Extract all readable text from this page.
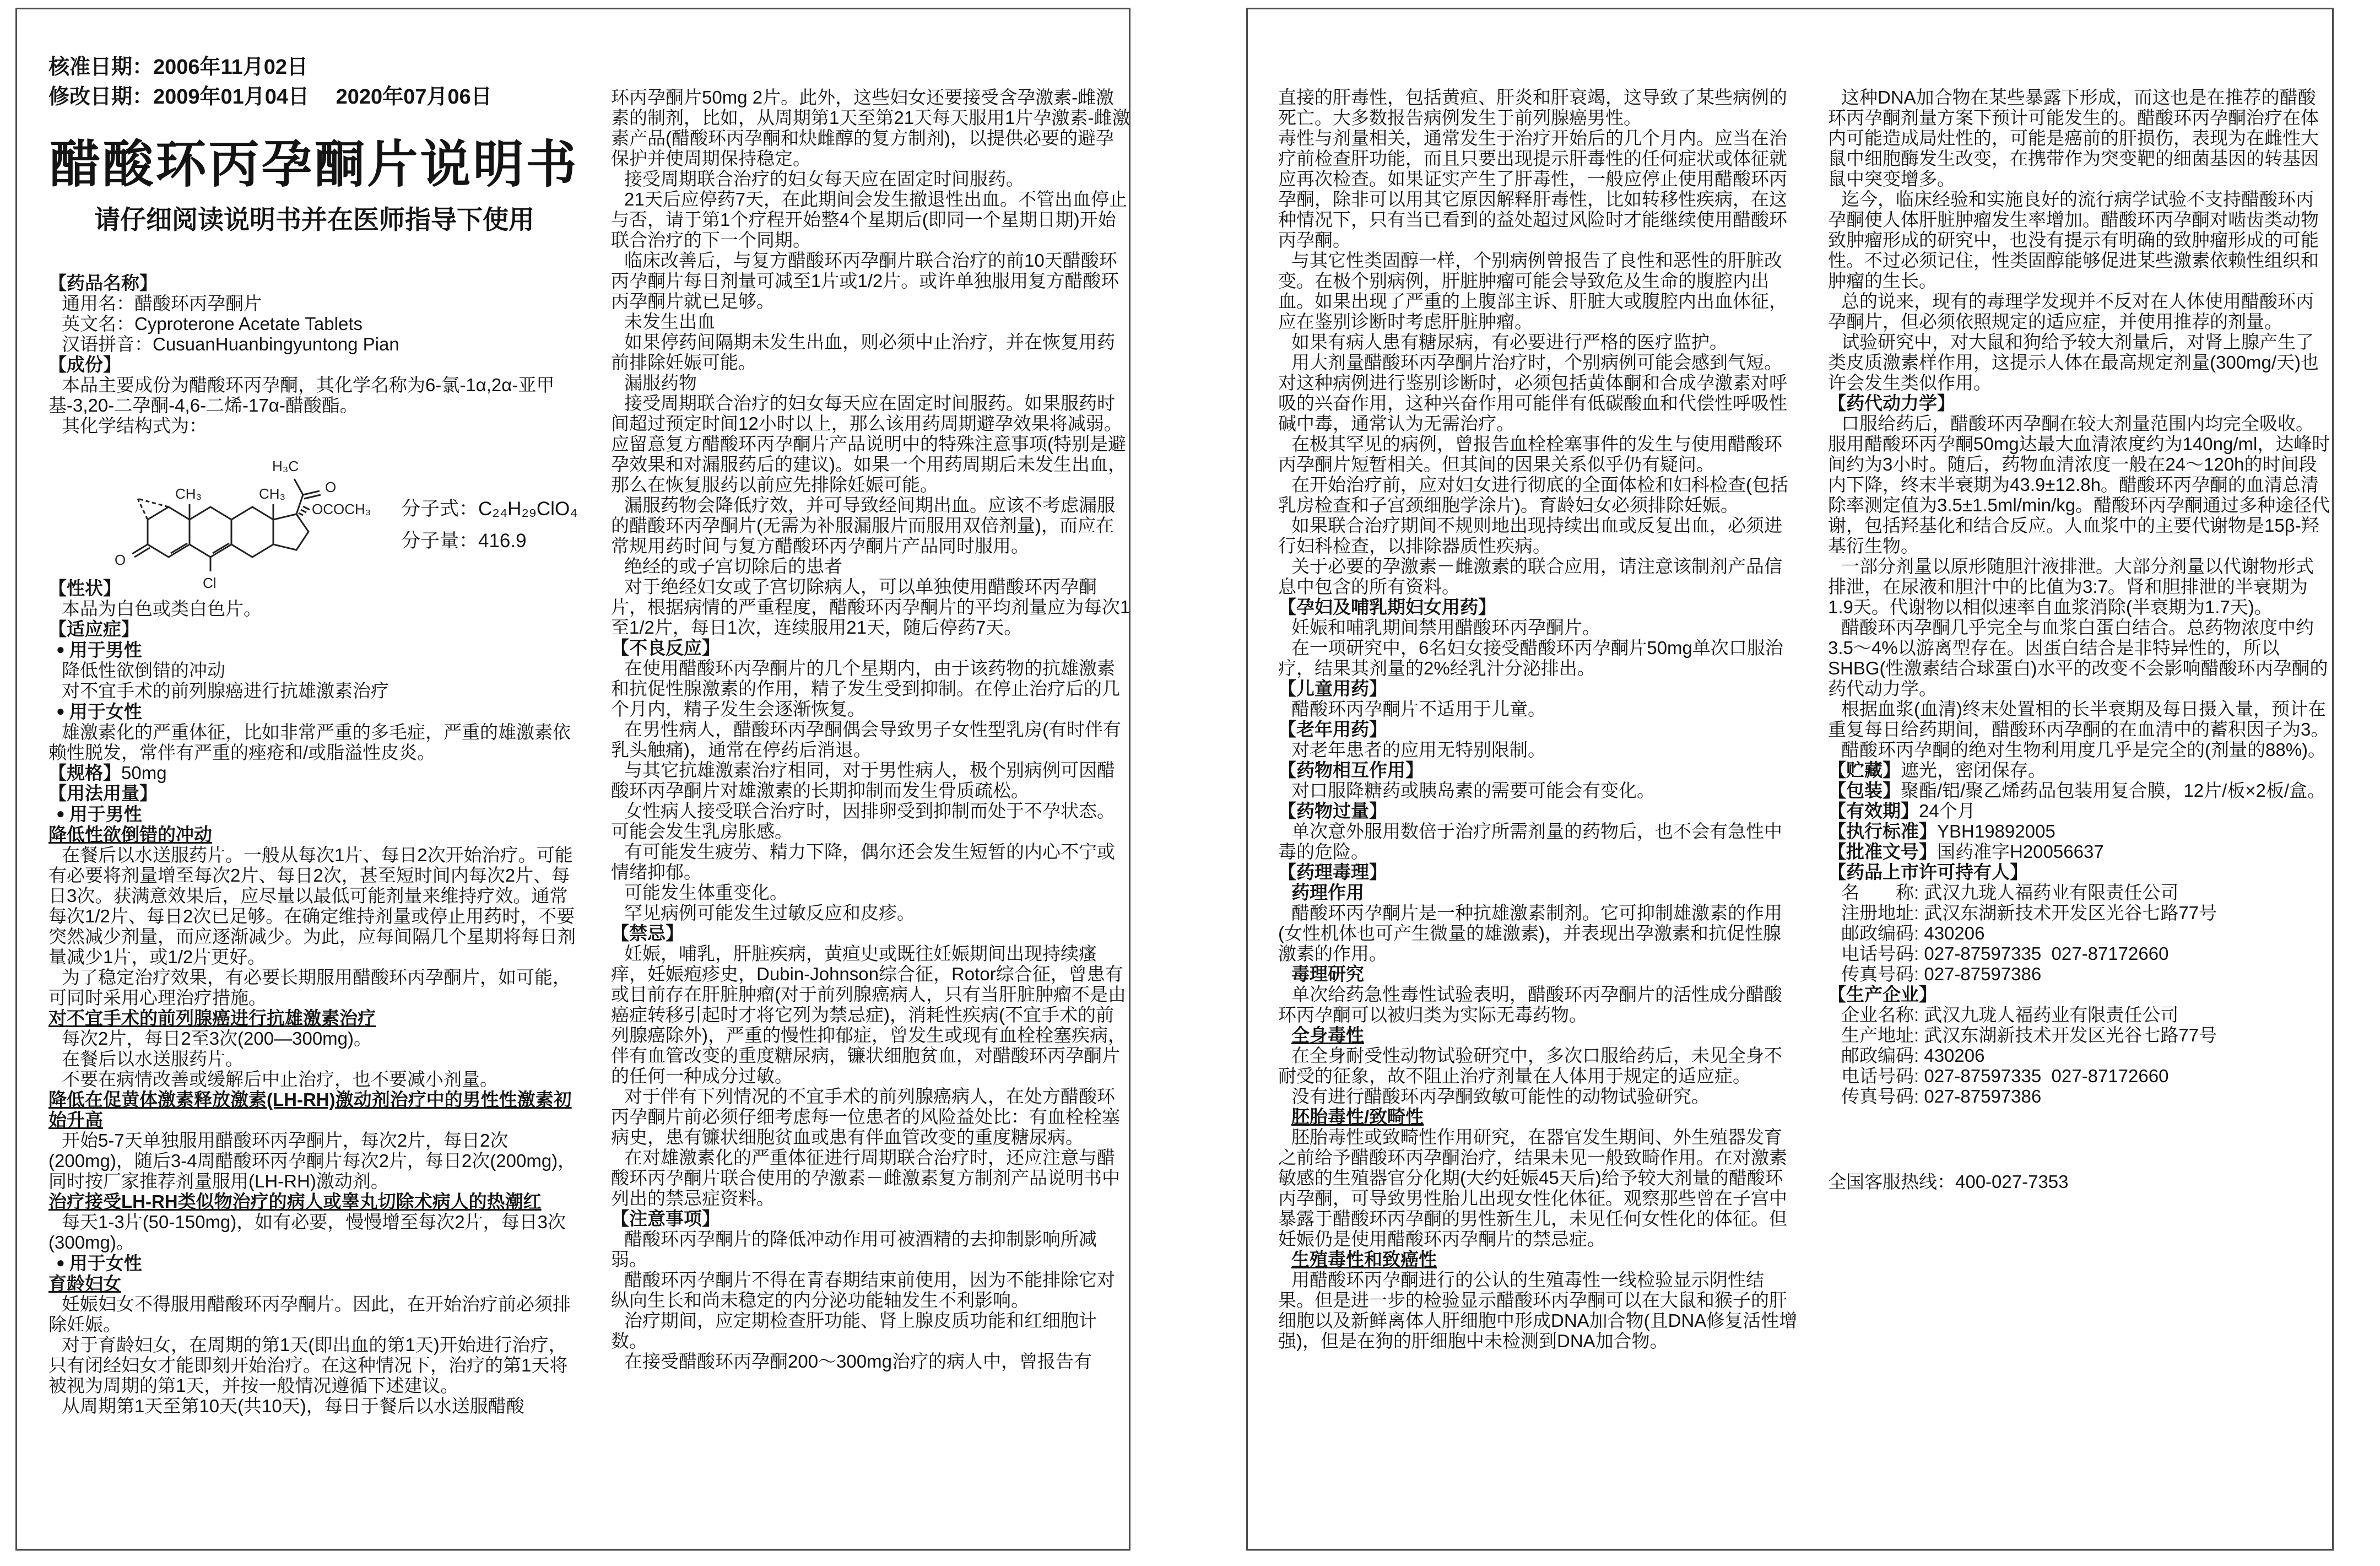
核准日期：2006年11月02日
修改日期：2009年01月04日　 2020年07月06日
醋酸环丙孕酮片说明书
请仔细阅读说明书并在医师指导下使用
【药品名称】
通用名：醋酸环丙孕酮片
英文名：Cyproterone Acetate Tablets
汉语拼音：CusuanHuanbingyuntong Pian
【成份】
本品主要成份为醋酸环丙孕酮，其化学名称为6-氯-1α,2α-亚甲基-3,20-二孕酮-4,6-二烯-17α-醋酸酯。
其化学结构式为：
O
Cl
CH₃	CH₃	O
H₃C
OCOCH₃ 分子式：C₂₄H₂₉ClO₄
分子量：416.9
【性状】
本品为白色或类白色片。
【适应症】
● 用于男性
降低性欲倒错的冲动
对不宜手术的前列腺癌进行抗雄激素治疗
● 用于女性
雄激素化的严重体征，比如非常严重的多毛症，严重的雄激素依赖性脱发，常伴有严重的痤疮和/或脂溢性皮炎。
【规格】50mg
【用法用量】
● 用于男性
降低性欲倒错的冲动
在餐后以水送服药片。一般从每次1片、每日2次开始治疗。可能有必要将剂量增至每次2片、每日2次，甚至短时间内每次2片、每日3次。获满意效果后，应尽量以最低可能剂量来维持疗效。通常每次1/2片、每日2次已足够。在确定维持剂量或停止用药时，不要突然减少剂量，而应逐渐减少。为此，应每间隔几个星期将每日剂量减少1片，或1/2片更好。
为了稳定治疗效果，有必要长期服用醋酸环丙孕酮片，如可能，可同时采用心理治疗措施。
对不宜手术的前列腺癌进行抗雄激素治疗
每次2片，每日2至3次(200—300mg)。
在餐后以水送服药片。
不要在病情改善或缓解后中止治疗，也不要减小剂量。
降低在促黄体激素释放激素(LH-RH)激动剂治疗中的男性性激素初始升高
开始5-7天单独服用醋酸环丙孕酮片，每次2片，每日2次(200mg)，随后3-4周醋酸环丙孕酮片每次2片，每日2次(200mg)，同时按厂家推荐剂量服用(LH-RH)激动剂。
治疗接受LH-RH类似物治疗的病人或睾丸切除术病人的热潮红
每天1-3片(50-150mg)，如有必要，慢慢增至每次2片，每日3次(300mg)。
● 用于女性
育龄妇女
妊娠妇女不得服用醋酸环丙孕酮片。因此，在开始治疗前必须排除妊娠。
对于育龄妇女，在周期的第1天(即出血的第1天)开始进行治疗，只有闭经妇女才能即刻开始治疗。在这种情况下，治疗的第1天将被视为周期的第1天，并按一般情况遵循下述建议。
从周期第1天至第10天(共10天)，每日于餐后以水送服醋酸
环丙孕酮片50mg 2片。此外，这些妇女还要接受含孕激素-雌激素的制剂，比如，从周期第1天至第21天每天服用1片孕激素-雌激素产品(醋酸环丙孕酮和炔雌醇的复方制剂)，以提供必要的避孕保护并使周期保持稳定。
接受周期联合治疗的妇女每天应在固定时间服药。
21天后应停药7天，在此期间会发生撤退性出血。不管出血停止与否，请于第1个疗程开始整4个星期后(即同一个星期日期)开始联合治疗的下一个同期。
临床改善后，与复方醋酸环丙孕酮片联合治疗的前10天醋酸环丙孕酮片每日剂量可减至1片或1/2片。或许单独服用复方醋酸环丙孕酮片就已足够。
未发生出血
如果停药间隔期未发生出血，则必须中止治疗，并在恢复用药前排除妊娠可能。
漏服药物
接受周期联合治疗的妇女每天应在固定时间服药。如果服药时间超过预定时间12小时以上，那么该用药周期避孕效果将减弱。应留意复方醋酸环丙孕酮片产品说明中的特殊注意事项(特别是避孕效果和对漏服药后的建议)。如果一个用药周期后未发生出血，那么在恢复服药以前应先排除妊娠可能。
漏服药物会降低疗效，并可导致经间期出血。应该不考虑漏服的醋酸环丙孕酮片(无需为补服漏服片而服用双倍剂量)，而应在常规用药时间与复方醋酸环丙孕酮片产品同时服用。
绝经的或子宫切除后的患者
对于绝经妇女或子宫切除病人，可以单独使用醋酸环丙孕酮片，根据病情的严重程度，醋酸环丙孕酮片的平均剂量应为每次1至1/2片，每日1次，连续服用21天，随后停药7天。
【不良反应】
在使用醋酸环丙孕酮片的几个星期内，由于该药物的抗雄激素和抗促性腺激素的作用，精子发生受到抑制。在停止治疗后的几个月内，精子发生会逐渐恢复。
在男性病人，醋酸环丙孕酮偶会导致男子女性型乳房(有时伴有乳头触痛)，通常在停药后消退。
与其它抗雄激素治疗相同，对于男性病人，极个别病例可因醋酸环丙孕酮片对雄激素的长期抑制而发生骨质疏松。
女性病人接受联合治疗时，因排卵受到抑制而处于不孕状态。可能会发生乳房胀感。
有可能发生疲劳、精力下降，偶尔还会发生短暂的内心不宁或情绪抑郁。
可能发生体重变化。
罕见病例可能发生过敏反应和皮疹。
【禁忌】
妊娠，哺乳，肝脏疾病，黄疸史或既往妊娠期间出现持续瘙痒，妊娠疱疹史，Dubin-Johnson综合征，Rotor综合征，曾患有或目前存在肝脏肿瘤(对于前列腺癌病人，只有当肝脏肿瘤不是由癌症转移引起时才将它列为禁忌症)，消耗性疾病(不宜手术的前列腺癌除外)，严重的慢性抑郁症，曾发生或现有血栓栓塞疾病，伴有血管改变的重度糖尿病，镰状细胞贫血，对醋酸环丙孕酮片的任何一种成分过敏。
对于伴有下列情况的不宜手术的前列腺癌病人，在处方醋酸环丙孕酮片前必须仔细考虑每一位患者的风险益处比：有血栓栓塞病史，患有镰状细胞贫血或患有伴血管改变的重度糖尿病。
在对雄激素化的严重体征进行周期联合治疗时，还应注意与醋酸环丙孕酮片联合使用的孕激素－雌激素复方制剂产品说明书中列出的禁忌症资料。
【注意事项】
醋酸环丙孕酮片的降低冲动作用可被酒精的去抑制影响所减弱。
醋酸环丙孕酮片不得在青春期结束前使用，因为不能排除它对纵向生长和尚未稳定的内分泌功能轴发生不利影响。
治疗期间，应定期检查肝功能、肾上腺皮质功能和红细胞计数。
在接受醋酸环丙孕酮200～300mg治疗的病人中，曾报告有
直接的肝毒性，包括黄疸、肝炎和肝衰竭，这导致了某些病例的死亡。大多数报告病例发生于前列腺癌男性。
毒性与剂量相关，通常发生于治疗开始后的几个月内。应当在治疗前检查肝功能，而且只要出现提示肝毒性的任何症状或体征就应再次检查。如果证实产生了肝毒性，一般应停止使用醋酸环丙孕酮，除非可以用其它原因解释肝毒性，比如转移性疾病，在这种情况下，只有当已看到的益处超过风险时才能继续使用醋酸环丙孕酮。
与其它性类固醇一样，个别病例曾报告了良性和恶性的肝脏改变。在极个别病例，肝脏肿瘤可能会导致危及生命的腹腔内出血。如果出现了严重的上腹部主诉、肝脏大或腹腔内出血体征，应在鉴别诊断时考虑肝脏肿瘤。
如果有病人患有糖尿病，有必要进行严格的医疗监护。
用大剂量醋酸环丙孕酮片治疗时，个别病例可能会感到气短。对这种病例进行鉴别诊断时，必须包括黄体酮和合成孕激素对呼吸的兴奋作用，这种兴奋作用可能伴有低碳酸血和代偿性呼吸性碱中毒，通常认为无需治疗。
在极其罕见的病例，曾报告血栓栓塞事件的发生与使用醋酸环丙孕酮片短暂相关。但其间的因果关系似乎仍有疑问。
在开始治疗前，应对妇女进行彻底的全面体检和妇科检查(包括乳房检查和子宫颈细胞学涂片)。育龄妇女必须排除妊娠。
如果联合治疗期间不规则地出现持续出血或反复出血，必须进行妇科检查，以排除器质性疾病。
关于必要的孕激素－雌激素的联合应用，请注意该制剂产品信息中包含的所有资料。
【孕妇及哺乳期妇女用药】
妊娠和哺乳期间禁用醋酸环丙孕酮片。
在一项研究中，6名妇女接受醋酸环丙孕酮片50mg单次口服治疗，结果其剂量的2%经乳汁分泌排出。
【儿童用药】
醋酸环丙孕酮片不适用于儿童。
【老年用药】
对老年患者的应用无特别限制。
【药物相互作用】
对口服降糖药或胰岛素的需要可能会有变化。
【药物过量】
单次意外服用数倍于治疗所需剂量的药物后，也不会有急性中毒的危险。
【药理毒理】
药理作用
醋酸环丙孕酮片是一种抗雄激素制剂。它可抑制雄激素的作用(女性机体也可产生微量的雄激素)，并表现出孕激素和抗促性腺激素的作用。
毒理研究
单次给药急性毒性试验表明，醋酸环丙孕酮片的活性成分醋酸环丙孕酮可以被归类为实际无毒药物。
全身毒性
在全身耐受性动物试验研究中，多次口服给药后，未见全身不耐受的征象，故不阻止治疗剂量在人体用于规定的适应症。
没有进行醋酸环丙孕酮致敏可能性的动物试验研究。
胚胎毒性/致畸性
胚胎毒性或致畸性作用研究，在器官发生期间、外生殖器发育之前给予醋酸环丙孕酮治疗，结果未见一般致畸作用。在对激素敏感的生殖器官分化期(大约妊娠45天后)给予较大剂量的醋酸环丙孕酮，可导致男性胎儿出现女性化体征。观察那些曾在子宫中暴露于醋酸环丙孕酮的男性新生儿，未见任何女性化的体征。但妊娠仍是使用醋酸环丙孕酮片的禁忌症。
生殖毒性和致癌性
用醋酸环丙孕酮进行的公认的生殖毒性一线检验显示阴性结果。但是进一步的检验显示醋酸环丙孕酮可以在大鼠和猴子的肝细胞以及新鲜离体人肝细胞中形成DNA加合物(且DNA修复活性增强)，但是在狗的肝细胞中未检测到DNA加合物。
这种DNA加合物在某些暴露下形成，而这也是在推荐的醋酸环丙孕酮剂量方案下预计可能发生的。醋酸环丙孕酮治疗在体内可能造成局灶性的，可能是癌前的肝损伤，表现为在雌性大鼠中细胞酶发生改变，在携带作为突变靶的细菌基因的转基因鼠中突变增多。
迄今，临床经验和实施良好的流行病学试验不支持醋酸环丙孕酮使人体肝脏肿瘤发生率增加。醋酸环丙孕酮对啮齿类动物致肿瘤形成的研究中，也没有提示有明确的致肿瘤形成的可能性。不过必须记住，性类固醇能够促进某些激素依赖性组织和肿瘤的生长。
总的说来，现有的毒理学发现并不反对在人体使用醋酸环丙孕酮片，但必须依照规定的适应症，并使用推荐的剂量。
试验研究中，对大鼠和狗给予较大剂量后，对肾上腺产生了类皮质激素样作用，这提示人体在最高规定剂量(300mg/天)也许会发生类似作用。
【药代动力学】
口服给药后，醋酸环丙孕酮在较大剂量范围内均完全吸收。服用醋酸环丙孕酮50mg达最大血清浓度约为140ng/ml，达峰时间约为3小时。随后，药物血清浓度一般在24～120h的时间段内下降，终末半衰期为43.9±12.8h。醋酸环丙孕酮的血清总清除率测定值为3.5±1.5ml/min/kg。醋酸环丙孕酮通过多种途径代谢，包括羟基化和结合反应。人血浆中的主要代谢物是15β-羟基衍生物。
一部分剂量以原形随胆汁液排泄。大部分剂量以代谢物形式排泄，在尿液和胆汁中的比值为3:7。肾和胆排泄的半衰期为1.9天。代谢物以相似速率自血浆消除(半衰期为1.7天)。
醋酸环丙孕酮几乎完全与血浆白蛋白结合。总药物浓度中约3.5～4%以游离型存在。因蛋白结合是非特异性的，所以SHBG(性激素结合球蛋白)水平的改变不会影响醋酸环丙孕酮的药代动力学。
根据血浆(血清)终末处置相的长半衰期及每日摄入量，预计在重复每日给药期间，醋酸环丙孕酮的在血清中的蓄积因子为3。
醋酸环丙孕酮的绝对生物利用度几乎是完全的(剂量的88%)。
【贮藏】遮光，密闭保存。
【包装】聚酯/铝/聚乙烯药品包装用复合膜，12片/板×2板/盒。
【有效期】24个月
【执行标准】YBH19892005
【批准文号】国药准字H20056637
【药品上市许可持有人】
名　　称: 武汉九珑人福药业有限责任公司
注册地址: 武汉东湖新技术开发区光谷七路77号
邮政编码: 430206
电话号码: 027-87597335  027-87172660
传真号码: 027-87597386
【生产企业】
企业名称: 武汉九珑人福药业有限责任公司
生产地址: 武汉东湖新技术开发区光谷七路77号
邮政编码: 430206
电话号码: 027-87597335  027-87172660
传真号码: 027-87597386
全国客服热线：400-027-7353
